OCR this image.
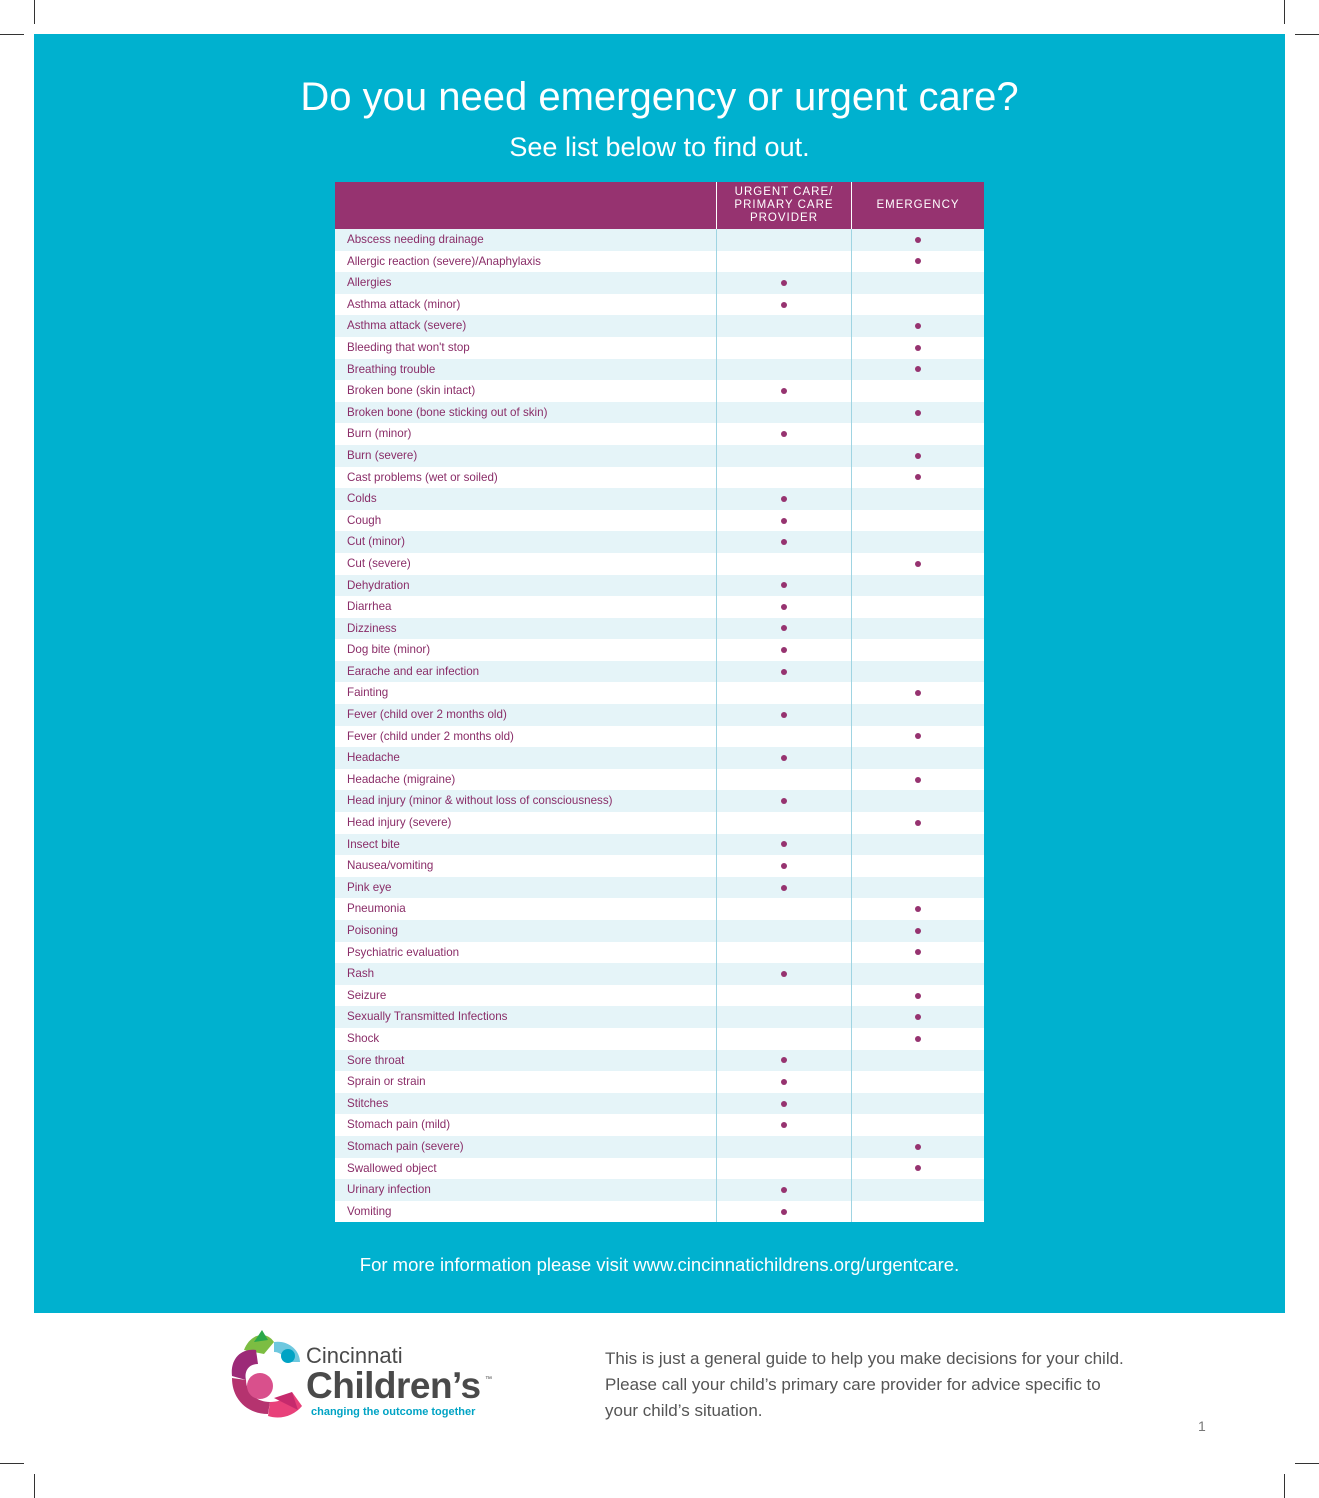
Do you need emergency or urgent care?
See list below to find out.
URGENT CARE/
PRIMARY CARE
PROVIDER
EMERGENCY
Abscess needing drainage
Allergic reaction (severe)/Anaphylaxis
Allergies
Asthma attack (minor)
Asthma attack (severe)
Bleeding that won't stop
Breathing trouble
Broken bone (skin intact)
Broken bone (bone sticking out of skin)
Burn (minor)
Burn (severe)
Cast problems (wet or soiled)
Colds
Cough
Cut (minor)
Cut (severe)
Dehydration
Diarrhea
Dizziness
Dog bite (minor)
Earache and ear infection
Fainting
Fever (child over 2 months old)
Fever (child under 2 months old)
Headache
Headache (migraine)
Head injury (minor & without loss of consciousness)
Head injury (severe)
Insect bite
Nausea/vomiting
Pink eye
Pneumonia
Poisoning
Psychiatric evaluation
Rash
Seizure
Sexually Transmitted Infections
Shock
Sore throat
Sprain or strain
Stitches
Stomach pain (mild)
Stomach pain (severe)
Swallowed object
Urinary infection
Vomiting
For more information please visit www.cincinnatichildrens.org/urgentcare.
Cincinnati
Children’s ™
changing the outcome together
This is just a general guide to help you make decisions for your child. Please call your child’s primary care provider for advice specific to your child’s situation.
1
